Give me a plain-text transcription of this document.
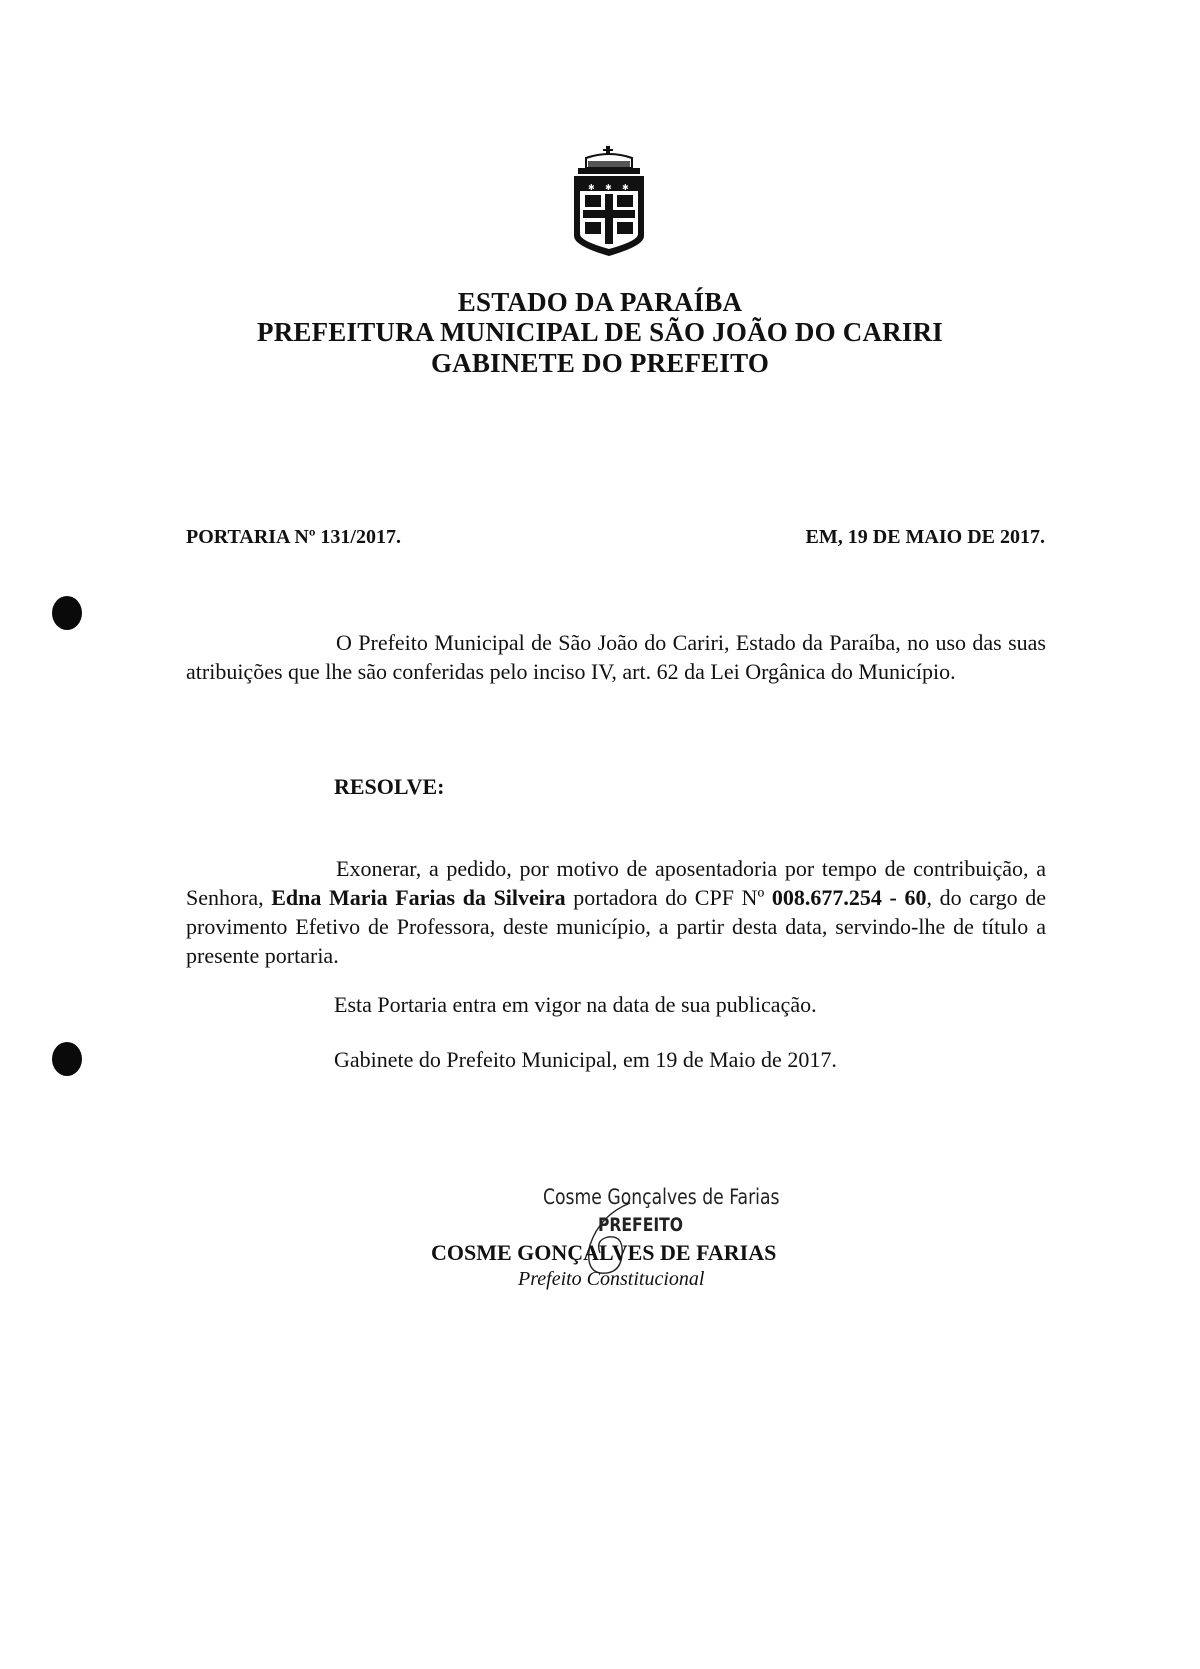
✱ ✱ ✱
ESTADO DA PARAÍBA
PREFEITURA MUNICIPAL DE SÃO JOÃO DO CARIRI
GABINETE DO PREFEITO
PORTARIA Nº 131/2017.	EM, 19 DE MAIO DE 2017.
O Prefeito Municipal de São João do Cariri, Estado da Paraíba, no uso das suas atribuições que lhe são conferidas pelo inciso IV, art. 62 da Lei Orgânica do Município.
RESOLVE:
Exonerar, a pedido, por motivo de aposentadoria por tempo de contribuição, a Senhora, Edna Maria Farias da Silveira portadora do CPF Nº 008.677.254 - 60, do cargo de provimento Efetivo de Professora, deste município, a partir desta data, servindo-lhe de título a presente portaria.
Esta Portaria entra em vigor na data de sua publicação.
Gabinete do Prefeito Municipal, em 19 de Maio de 2017.
Cosme Gonçalves de Farias
PREFEITO
COSME GONÇALVES DE FARIAS
Prefeito Constitucional
